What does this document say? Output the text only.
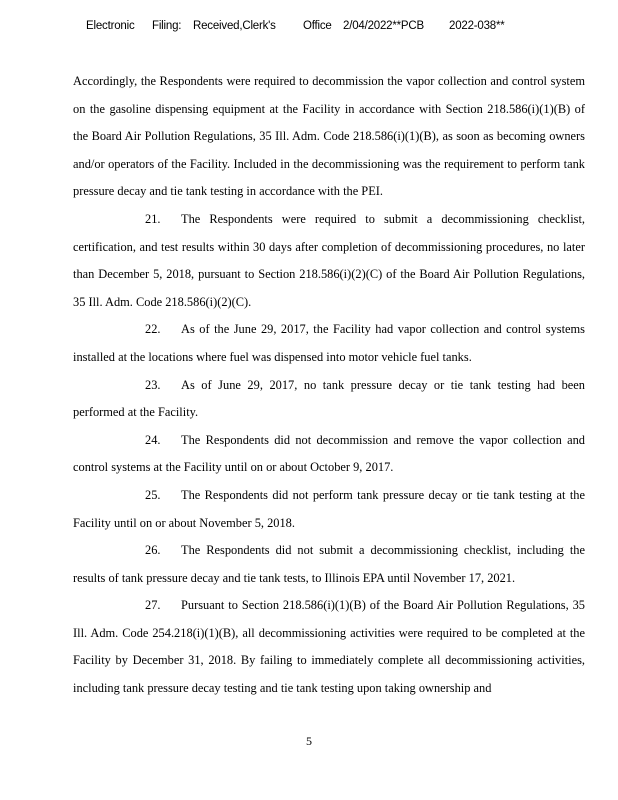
Electronic Filing: Received,Clerk's Office 2/04/2022**PCB 2022-038**

Accordingly, the Respondents were required to decommission the vapor collection and control system on the gasoline dispensing equipment at the Facility in accordance with Section 218.586(i)(1)(B) of the Board Air Pollution Regulations, 35 Ill. Adm. Code 218.586(i)(1)(B), as soon as becoming owners and/or operators of the Facility. Included in the decommissioning was the requirement to perform tank pressure decay and tie tank testing in accordance with the PEI.

21. The Respondents were required to submit a decommissioning checklist, certification, and test results within 30 days after completion of decommissioning procedures, no later than December 5, 2018, pursuant to Section 218.586(i)(2)(C) of the Board Air Pollution Regulations, 35 Ill. Adm. Code 218.586(i)(2)(C).

22. As of the June 29, 2017, the Facility had vapor collection and control systems installed at the locations where fuel was dispensed into motor vehicle fuel tanks.

23. As of June 29, 2017, no tank pressure decay or tie tank testing had been performed at the Facility.

24. The Respondents did not decommission and remove the vapor collection and control systems at the Facility until on or about October 9, 2017.

25. The Respondents did not perform tank pressure decay or tie tank testing at the Facility until on or about November 5, 2018.

26. The Respondents did not submit a decommissioning checklist, including the results of tank pressure decay and tie tank tests, to Illinois EPA until November 17, 2021.

27. Pursuant to Section 218.586(i)(1)(B) of the Board Air Pollution Regulations, 35 Ill. Adm. Code 254.218(i)(1)(B), all decommissioning activities were required to be completed at the Facility by December 31, 2018. By failing to immediately complete all decommissioning activities, including tank pressure decay testing and tie tank testing upon taking ownership and

5
